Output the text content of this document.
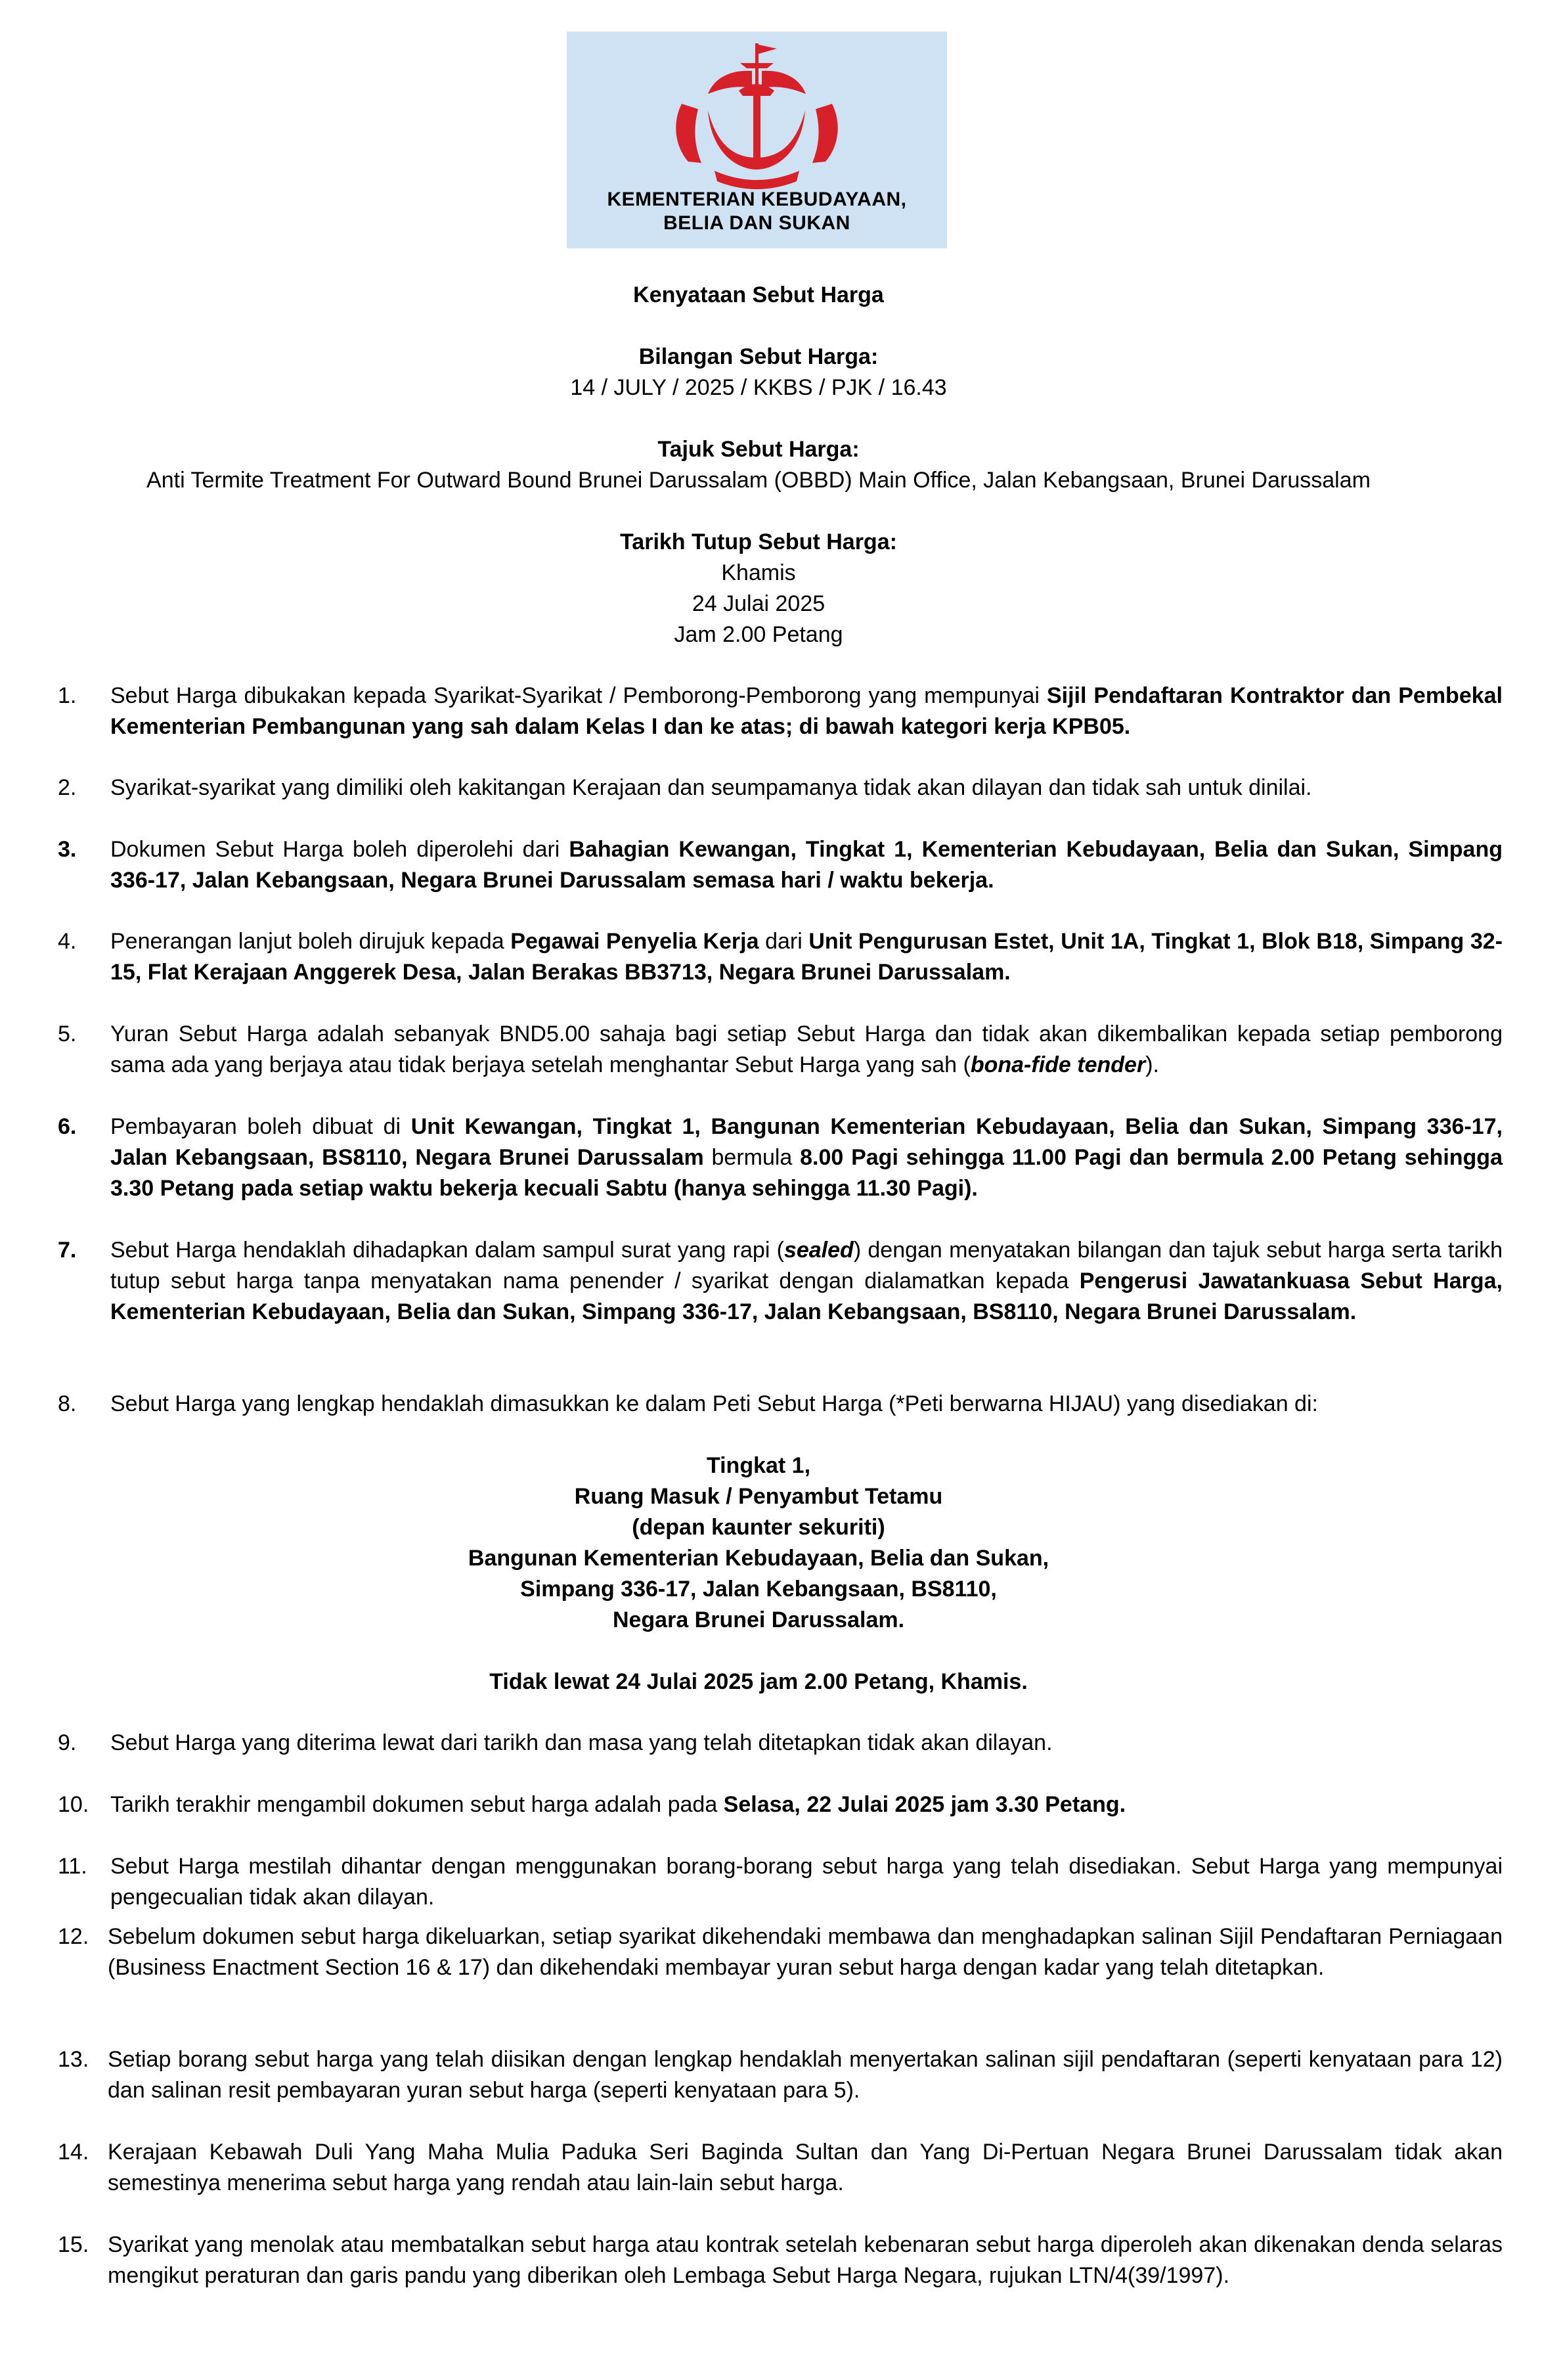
KEMENTERIAN KEBUDAYAAN,
BELIA DAN SUKAN
Kenyataan Sebut Harga
Bilangan Sebut Harga:
14 / JULY / 2025 / KKBS / PJK / 16.43
Tajuk Sebut Harga:
Anti Termite Treatment For Outward Bound Brunei Darussalam (OBBD) Main Office, Jalan Kebangsaan, Brunei Darussalam
Tarikh Tutup Sebut Harga:
Khamis
24 Julai 2025
Jam 2.00 Petang
1.	Sebut Harga dibukakan kepada Syarikat-Syarikat / Pemborong-Pemborong yang mempunyai Sijil Pendaftaran Kontraktor dan Pembekal Kementerian Pembangunan yang sah dalam Kelas I dan ke atas; di bawah kategori kerja KPB05.
2.	Syarikat-syarikat yang dimiliki oleh kakitangan Kerajaan dan seumpamanya tidak akan dilayan dan tidak sah untuk dinilai.
3.	Dokumen Sebut Harga boleh diperolehi dari Bahagian Kewangan, Tingkat 1, Kementerian Kebudayaan, Belia dan Sukan, Simpang 336-17, Jalan Kebangsaan, Negara Brunei Darussalam semasa hari / waktu bekerja.
4.	Penerangan lanjut boleh dirujuk kepada Pegawai Penyelia Kerja dari Unit Pengurusan Estet, Unit 1A, Tingkat 1, Blok B18, Simpang 32-15, Flat Kerajaan Anggerek Desa, Jalan Berakas BB3713, Negara Brunei Darussalam.
5.	Yuran Sebut Harga adalah sebanyak BND5.00 sahaja bagi setiap Sebut Harga dan tidak akan dikembalikan kepada setiap pemborong sama ada yang berjaya atau tidak berjaya setelah menghantar Sebut Harga yang sah (bona-fide tender).
6.	Pembayaran boleh dibuat di Unit Kewangan, Tingkat 1, Bangunan Kementerian Kebudayaan, Belia dan Sukan, Simpang 336-17, Jalan Kebangsaan, BS8110, Negara Brunei Darussalam bermula 8.00 Pagi sehingga 11.00 Pagi dan bermula 2.00 Petang sehingga 3.30 Petang pada setiap waktu bekerja kecuali Sabtu (hanya sehingga 11.30 Pagi).
7.	Sebut Harga hendaklah dihadapkan dalam sampul surat yang rapi (sealed) dengan menyatakan bilangan dan tajuk sebut harga serta tarikh tutup sebut harga tanpa menyatakan nama penender / syarikat dengan dialamatkan kepada Pengerusi Jawatankuasa Sebut Harga, Kementerian Kebudayaan, Belia dan Sukan, Simpang 336-17, Jalan Kebangsaan, BS8110, Negara Brunei Darussalam.
8.	Sebut Harga yang lengkap hendaklah dimasukkan ke dalam Peti Sebut Harga (*Peti berwarna HIJAU) yang disediakan di:
Tingkat 1,
Ruang Masuk / Penyambut Tetamu
(depan kaunter sekuriti)
Bangunan Kementerian Kebudayaan, Belia dan Sukan,
Simpang 336-17, Jalan Kebangsaan, BS8110,
Negara Brunei Darussalam.
Tidak lewat 24 Julai 2025 jam 2.00 Petang, Khamis.
9.	Sebut Harga yang diterima lewat dari tarikh dan masa yang telah ditetapkan tidak akan dilayan.
10. Tarikh terakhir mengambil dokumen sebut harga adalah pada Selasa, 22 Julai 2025 jam 3.30 Petang.
11.	Sebut Harga mestilah dihantar dengan menggunakan borang-borang sebut harga yang telah disediakan. Sebut Harga yang mempunyai pengecualian tidak akan dilayan.
12. Sebelum dokumen sebut harga dikeluarkan, setiap syarikat dikehendaki membawa dan menghadapkan salinan Sijil Pendaftaran Perniagaan (Business Enactment Section 16 & 17) dan dikehendaki membayar yuran sebut harga dengan kadar yang telah ditetapkan.
13. Setiap borang sebut harga yang telah diisikan dengan lengkap hendaklah menyertakan salinan sijil pendaftaran (seperti kenyataan para 12) dan salinan resit pembayaran yuran sebut harga (seperti kenyataan para 5).
14. Kerajaan Kebawah Duli Yang Maha Mulia Paduka Seri Baginda Sultan dan Yang Di-Pertuan Negara Brunei Darussalam tidak akan semestinya menerima sebut harga yang rendah atau lain-lain sebut harga.
15. Syarikat yang menolak atau membatalkan sebut harga atau kontrak setelah kebenaran sebut harga diperoleh akan dikenakan denda selaras mengikut peraturan dan garis pandu yang diberikan oleh Lembaga Sebut Harga Negara, rujukan LTN/4(39/1997).
